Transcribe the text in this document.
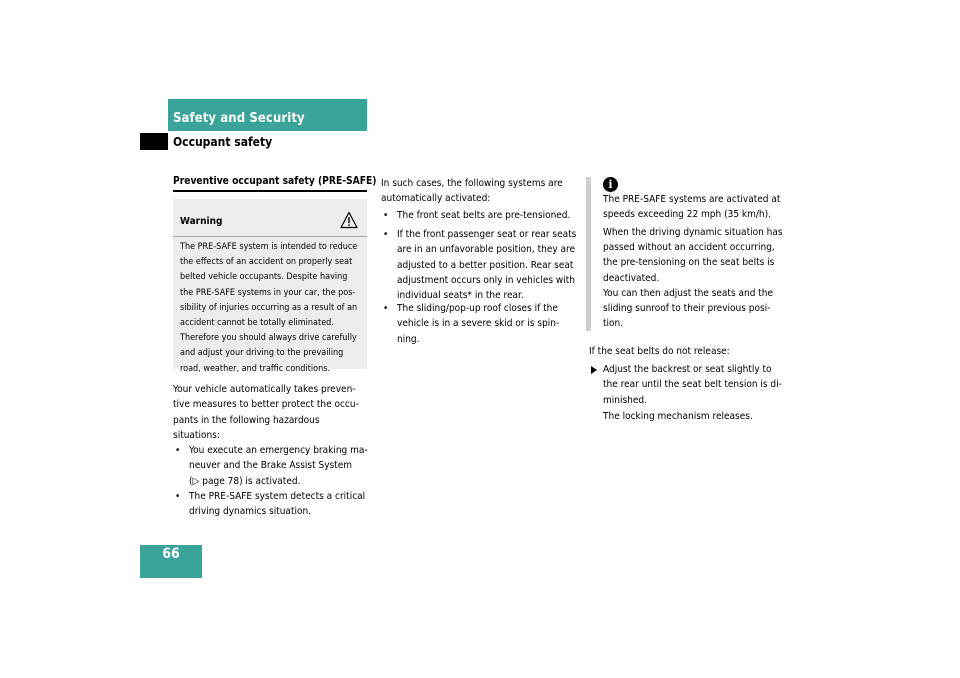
Safety and Security
Occupant safety
Preventive occupant safety (PRE-SAFE)
Warning
The PRE-SAFE system is intended to reduce
the effects of an accident on properly seat
belted vehicle occupants. Despite having
the PRE-SAFE systems in your car, the pos-
sibility of injuries occurring as a result of an
accident cannot be totally eliminated.
Therefore you should always drive carefully
and adjust your driving to the prevailing
road, weather, and traffic conditions.
Your vehicle automatically takes preven-
tive measures to better protect the occu-
pants in the following hazardous
situations:
• You execute an emergency braking ma-
neuver and the Brake Assist System
(▷ page 78) is activated.
• The PRE-SAFE system detects a critical
driving dynamics situation.
In such cases, the following systems are
automatically activated:
• The front seat belts are pre-tensioned.
• If the front passenger seat or rear seats
are in an unfavorable position, they are
adjusted to a better position. Rear seat
adjustment occurs only in vehicles with
individual seats* in the rear.
• The sliding/pop-up roof closes if the
vehicle is in a severe skid or is spin-
ning.
i
The PRE-SAFE systems are activated at
speeds exceeding 22 mph (35 km/h).
When the driving dynamic situation has
passed without an accident occurring,
the pre-tensioning on the seat belts is
deactivated.
You can then adjust the seats and the
sliding sunroof to their previous posi-
tion.
If the seat belts do not release:
Adjust the backrest or seat slightly to
the rear until the seat belt tension is di-
minished.
The locking mechanism releases.
66
